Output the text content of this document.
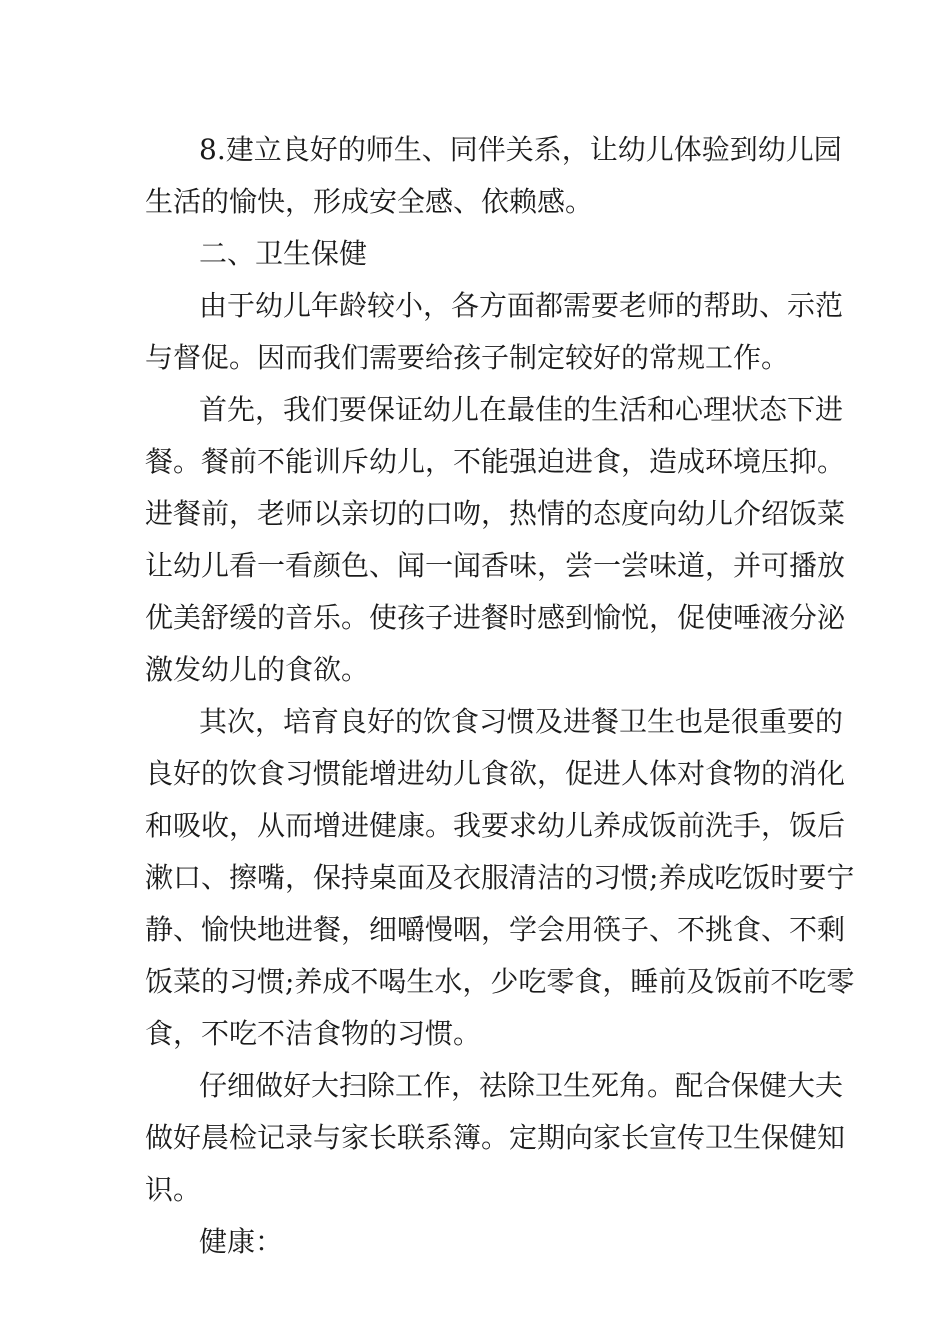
8.建立良好的师生、同伴关系，让幼儿体验到幼儿园

生活的愉快，形成安全感、依赖感。

二、卫生保健

由于幼儿年龄较小，各方面都需要老师的帮助、示范

与督促。因而我们需要给孩子制定较好的常规工作。

首先，我们要保证幼儿在最佳的生活和心理状态下进

餐。餐前不能训斥幼儿，不能强迫进食，造成环境压抑。

进餐前，老师以亲切的口吻，热情的态度向幼儿介绍饭菜

让幼儿看一看颜色、闻一闻香味，尝一尝味道，并可播放

优美舒缓的音乐。使孩子进餐时感到愉悦，促使唾液分泌

激发幼儿的食欲。

其次，培育良好的饮食习惯及进餐卫生也是很重要的

良好的饮食习惯能增进幼儿食欲，促进人体对食物的消化

和吸收，从而增进健康。我要求幼儿养成饭前洗手，饭后

漱口、擦嘴，保持桌面及衣服清洁的习惯;养成吃饭时要宁

静、愉快地进餐，细嚼慢咽，学会用筷子、不挑食、不剩

饭菜的习惯;养成不喝生水，少吃零食，睡前及饭前不吃零

食，不吃不洁食物的习惯。

仔细做好大扫除工作，祛除卫生死角。配合保健大夫

做好晨检记录与家长联系簿。定期向家长宣传卫生保健知

识。

健康：
